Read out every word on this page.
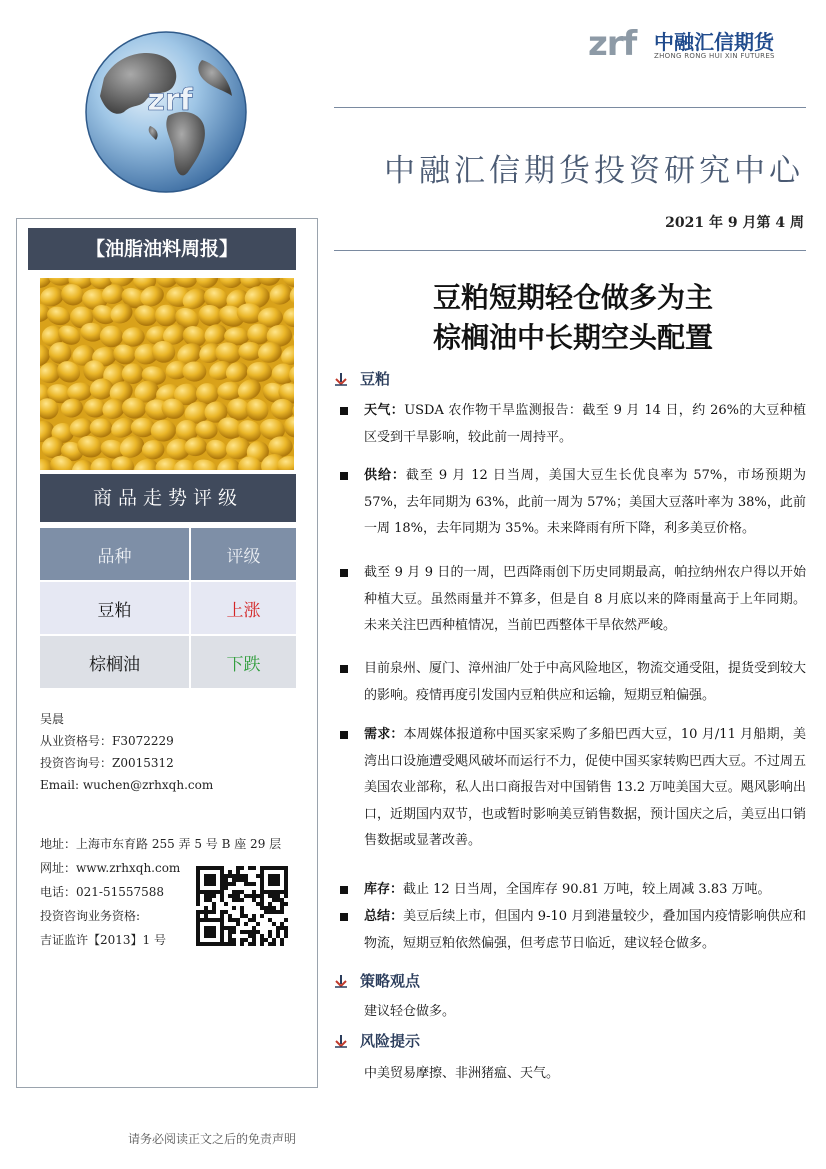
zrf
zrf 中融汇信期货
ZHONG RONG HUI XIN FUTURES
中融汇信期货投资研究中心
2021 年 9 月第 4 周
【油脂油料周报】
商品走势评级
品种	评级
豆粕	上涨
棕榈油	下跌
吴晨
从业资格号：F3072229
投资咨询号：Z0015312
Email: wuchen@zrhxqh.com
地址：上海市东育路 255 弄 5 号 B 座 29 层
网址：www.zrhxqh.com
电话：021-51557588
投资咨询业务资格:
吉证监许【2013】1 号
豆粕短期轻仓做多为主
棕榈油中长期空头配置
豆粕
天气：USDA 农作物干旱监测报告：截至 9 月 14 日，约 26%的大豆种植区受到干旱影响，较此前一周持平。
供给：截至 9 月 12 日当周，美国大豆生长优良率为 57%，市场预期为 57%，去年同期为 63%，此前一周为 57%；美国大豆落叶率为 38%，此前一周 18%，去年同期为 35%。未来降雨有所下降，利多美豆价格。
截至 9 月 9 日的一周，巴西降雨创下历史同期最高，帕拉纳州农户得以开始种植大豆。虽然雨量并不算多，但是自 8 月底以来的降雨量高于上年同期。未来关注巴西种植情况，当前巴西整体干旱依然严峻。
目前泉州、厦门、漳州油厂处于中高风险地区，物流交通受阻，提货受到较大的影响。疫情再度引发国内豆粕供应和运输，短期豆粕偏强。
需求：本周媒体报道称中国买家采购了多船巴西大豆，10 月/11 月船期，美湾出口设施遭受飓风破坏而运行不力，促使中国买家转购巴西大豆。不过周五美国农业部称，私人出口商报告对中国销售 13.2 万吨美国大豆。飓风影响出口，近期国内双节，也或暂时影响美豆销售数据，预计国庆之后，美豆出口销售数据或显著改善。
库存：截止 12 日当周，全国库存 90.81 万吨，较上周减 3.83 万吨。
总结：美豆后续上市，但国内 9-10 月到港量较少，叠加国内疫情影响供应和物流，短期豆粕依然偏强，但考虑节日临近，建议轻仓做多。
策略观点
建议轻仓做多。
风险提示
中美贸易摩擦、非洲猪瘟、天气。
请务必阅读正文之后的免责声明
